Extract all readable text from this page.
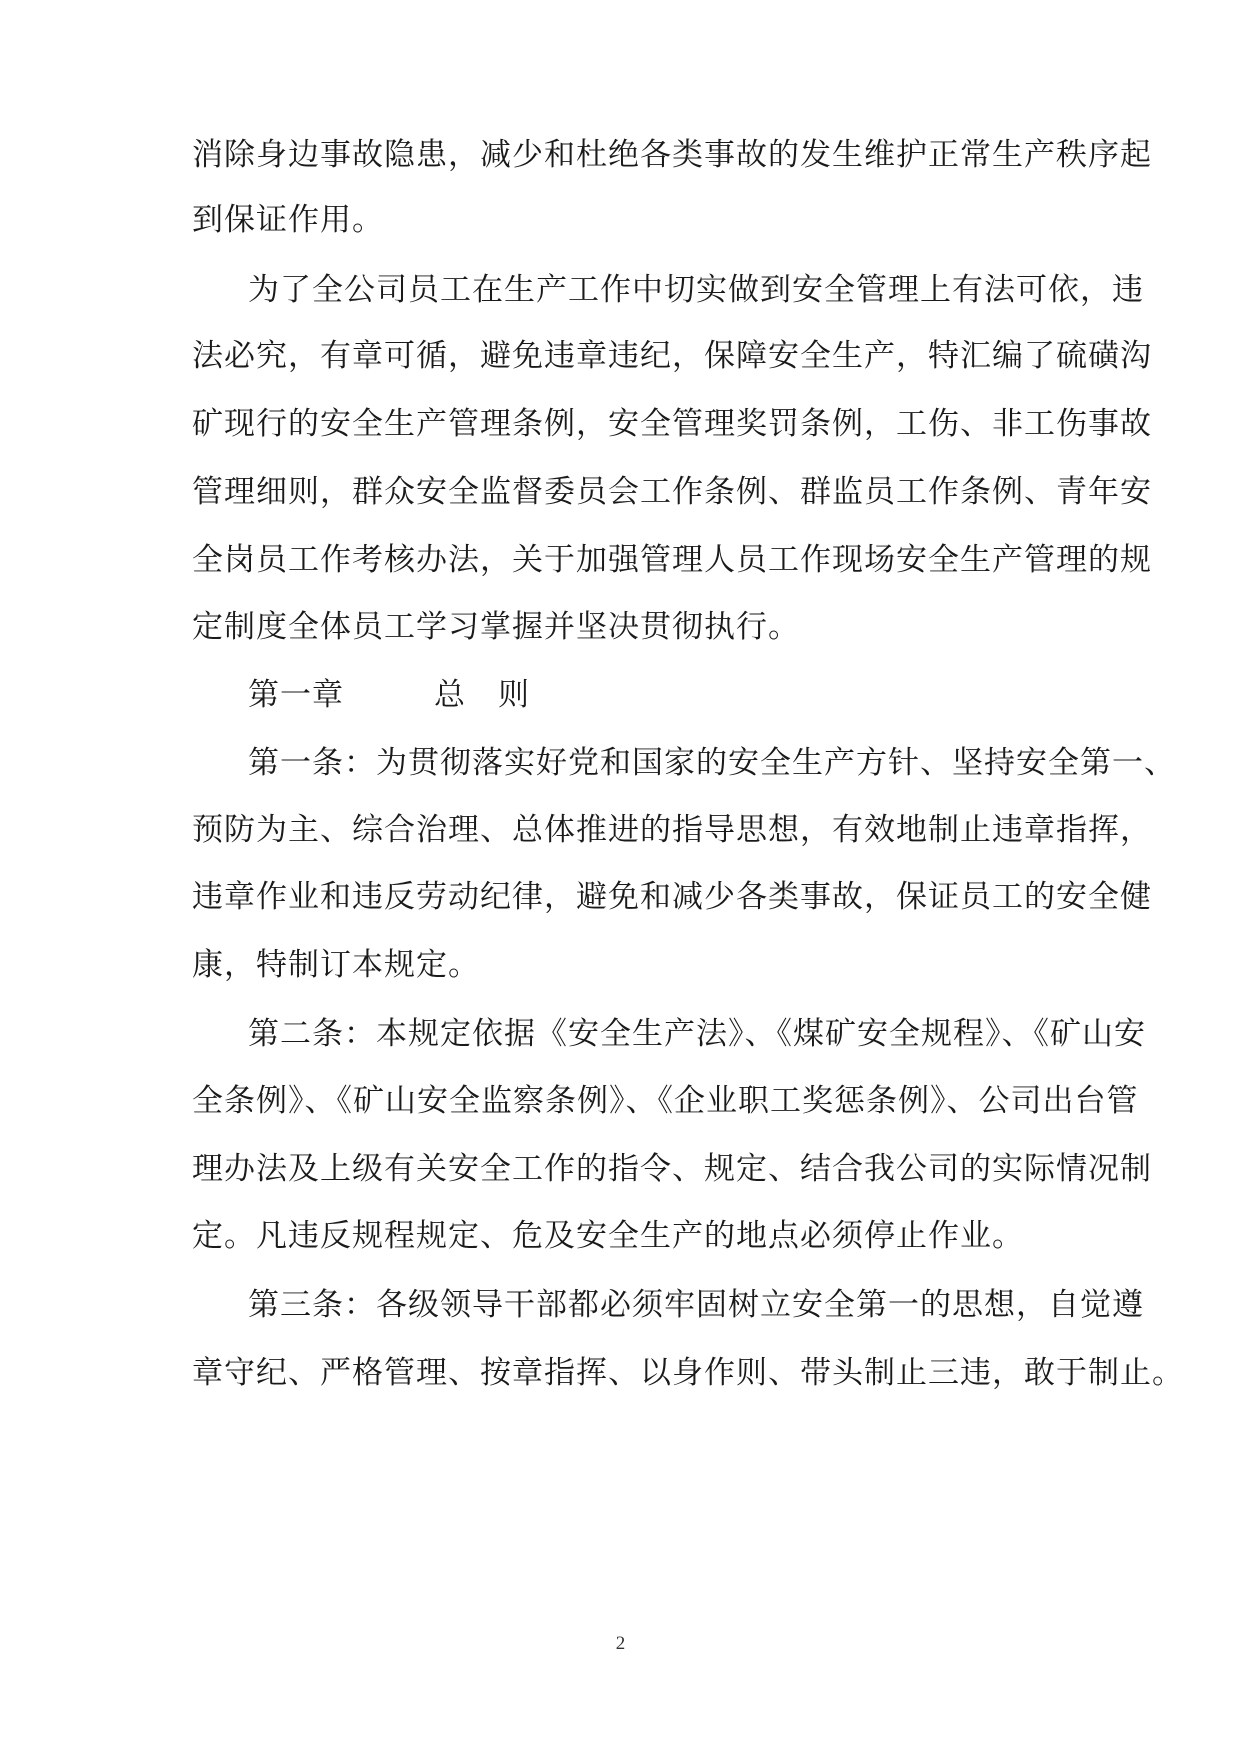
消除身边事故隐患，减少和杜绝各类事故的发生维护正常生产秩序起
到保证作用。
为了全公司员工在生产工作中切实做到安全管理上有法可依，违
法必究，有章可循，避免违章违纪，保障安全生产，特汇编了硫磺沟
矿现行的安全生产管理条例，安全管理奖罚条例，工伤、非工伤事故
管理细则，群众安全监督委员会工作条例、群监员工作条例、青年安
全岗员工作考核办法，关于加强管理人员工作现场安全生产管理的规
定制度全体员工学习掌握并坚决贯彻执行。
第一章	总　则
第一条：为贯彻落实好党和国家的安全生产方针、坚持安全第一、
预防为主、综合治理、总体推进的指导思想，有效地制止违章指挥，
违章作业和违反劳动纪律，避免和减少各类事故，保证员工的安全健
康，特制订本规定。
第二条：本规定依据《安全生产法》、《煤矿安全规程》、《矿山安
全条例》、《矿山安全监察条例》、《企业职工奖惩条例》、公司出台管
理办法及上级有关安全工作的指令、规定、结合我公司的实际情况制
定。凡违反规程规定、危及安全生产的地点必须停止作业。
第三条：各级领导干部都必须牢固树立安全第一的思想，自觉遵
章守纪、严格管理、按章指挥、以身作则、带头制止三违，敢于制止。
2
